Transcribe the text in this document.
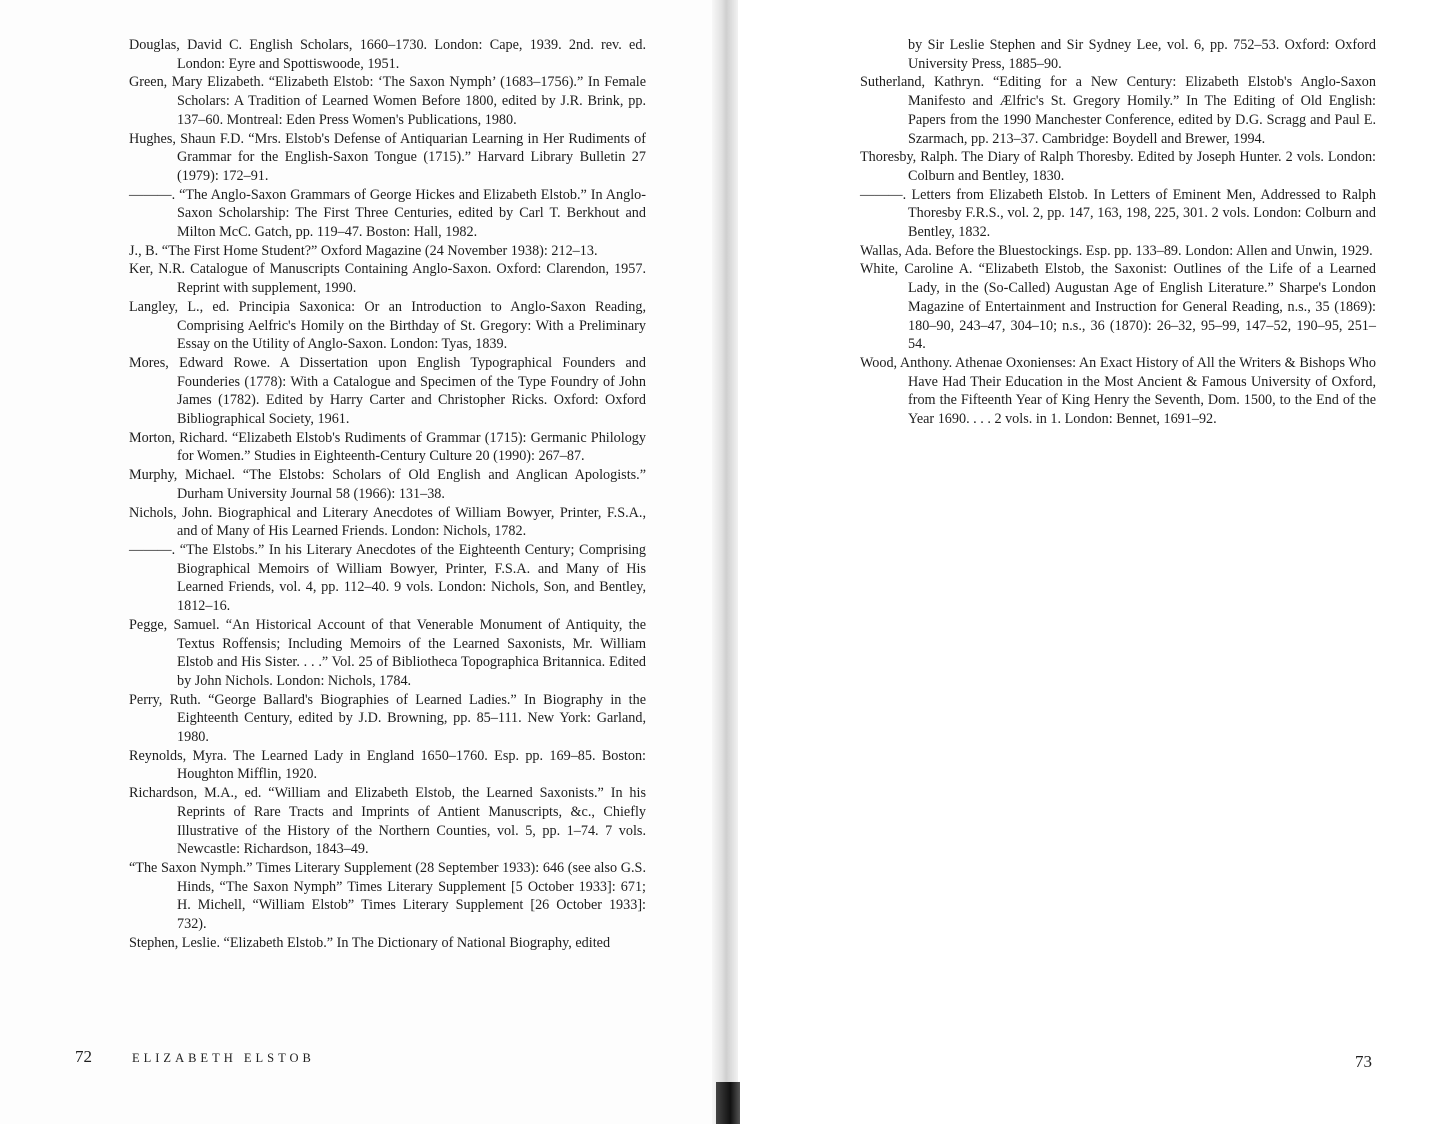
Douglas, David C. English Scholars, 1660–1730. London: Cape, 1939. 2nd. rev. ed. London: Eyre and Spottiswoode, 1951.
Green, Mary Elizabeth. “Elizabeth Elstob: ‘The Saxon Nymph’ (1683–1756).” In Female Scholars: A Tradition of Learned Women Before 1800, edited by J.R. Brink, pp. 137–60. Montreal: Eden Press Women's Publications, 1980.
Hughes, Shaun F.D. “Mrs. Elstob's Defense of Antiquarian Learning in Her Rudiments of Grammar for the English-Saxon Tongue (1715).” Harvard Library Bulletin 27 (1979): 172–91.
———. “The Anglo-Saxon Grammars of George Hickes and Elizabeth Elstob.” In Anglo-Saxon Scholarship: The First Three Centuries, edited by Carl T. Berkhout and Milton McC. Gatch, pp. 119–47. Boston: Hall, 1982.
J., B. “The First Home Student?” Oxford Magazine (24 November 1938): 212–13.
Ker, N.R. Catalogue of Manuscripts Containing Anglo-Saxon. Oxford: Clarendon, 1957. Reprint with supplement, 1990.
Langley, L., ed. Principia Saxonica: Or an Introduction to Anglo-Saxon Reading, Comprising Aelfric's Homily on the Birthday of St. Gregory: With a Preliminary Essay on the Utility of Anglo-Saxon. London: Tyas, 1839.
Mores, Edward Rowe. A Dissertation upon English Typographical Founders and Founderies (1778): With a Catalogue and Specimen of the Type Foundry of John James (1782). Edited by Harry Carter and Christopher Ricks. Oxford: Oxford Bibliographical Society, 1961.
Morton, Richard. “Elizabeth Elstob's Rudiments of Grammar (1715): Germanic Philology for Women.” Studies in Eighteenth-Century Culture 20 (1990): 267–87.
Murphy, Michael. “The Elstobs: Scholars of Old English and Anglican Apologists.” Durham University Journal 58 (1966): 131–38.
Nichols, John. Biographical and Literary Anecdotes of William Bowyer, Printer, F.S.A., and of Many of His Learned Friends. London: Nichols, 1782.
———. “The Elstobs.” In his Literary Anecdotes of the Eighteenth Century; Comprising Biographical Memoirs of William Bowyer, Printer, F.S.A. and Many of His Learned Friends, vol. 4, pp. 112–40. 9 vols. London: Nichols, Son, and Bentley, 1812–16.
Pegge, Samuel. “An Historical Account of that Venerable Monument of Antiquity, the Textus Roffensis; Including Memoirs of the Learned Saxonists, Mr. William Elstob and His Sister. . . .” Vol. 25 of Bibliotheca Topographica Britannica. Edited by John Nichols. London: Nichols, 1784.
Perry, Ruth. “George Ballard's Biographies of Learned Ladies.” In Biography in the Eighteenth Century, edited by J.D. Browning, pp. 85–111. New York: Garland, 1980.
Reynolds, Myra. The Learned Lady in England 1650–1760. Esp. pp. 169–85. Boston: Houghton Mifflin, 1920.
Richardson, M.A., ed. “William and Elizabeth Elstob, the Learned Saxonists.” In his Reprints of Rare Tracts and Imprints of Antient Manuscripts, &c., Chiefly Illustrative of the History of the Northern Counties, vol. 5, pp. 1–74. 7 vols. Newcastle: Richardson, 1843–49.
“The Saxon Nymph.” Times Literary Supplement (28 September 1933): 646 (see also G.S. Hinds, “The Saxon Nymph” Times Literary Supplement [5 October 1933]: 671; H. Michell, “William Elstob” Times Literary Supplement [26 October 1933]: 732).
Stephen, Leslie. “Elizabeth Elstob.” In The Dictionary of National Biography, edited
72	ELIZABETH ELSTOB
by Sir Leslie Stephen and Sir Sydney Lee, vol. 6, pp. 752–53. Oxford: Oxford University Press, 1885–90.
Sutherland, Kathryn. “Editing for a New Century: Elizabeth Elstob's Anglo-Saxon Manifesto and Ælfric's St. Gregory Homily.” In The Editing of Old English: Papers from the 1990 Manchester Conference, edited by D.G. Scragg and Paul E. Szarmach, pp. 213–37. Cambridge: Boydell and Brewer, 1994.
Thoresby, Ralph. The Diary of Ralph Thoresby. Edited by Joseph Hunter. 2 vols. London: Colburn and Bentley, 1830.
———. Letters from Elizabeth Elstob. In Letters of Eminent Men, Addressed to Ralph Thoresby F.R.S., vol. 2, pp. 147, 163, 198, 225, 301. 2 vols. London: Colburn and Bentley, 1832.
Wallas, Ada. Before the Bluestockings. Esp. pp. 133–89. London: Allen and Unwin, 1929.
White, Caroline A. “Elizabeth Elstob, the Saxonist: Outlines of the Life of a Learned Lady, in the (So-Called) Augustan Age of English Literature.” Sharpe's London Magazine of Entertainment and Instruction for General Reading, n.s., 35 (1869): 180–90, 243–47, 304–10; n.s., 36 (1870): 26–32, 95–99, 147–52, 190–95, 251–54.
Wood, Anthony. Athenae Oxonienses: An Exact History of All the Writers & Bishops Who Have Had Their Education in the Most Ancient & Famous University of Oxford, from the Fifteenth Year of King Henry the Seventh, Dom. 1500, to the End of the Year 1690. . . . 2 vols. in 1. London: Bennet, 1691–92.
73
